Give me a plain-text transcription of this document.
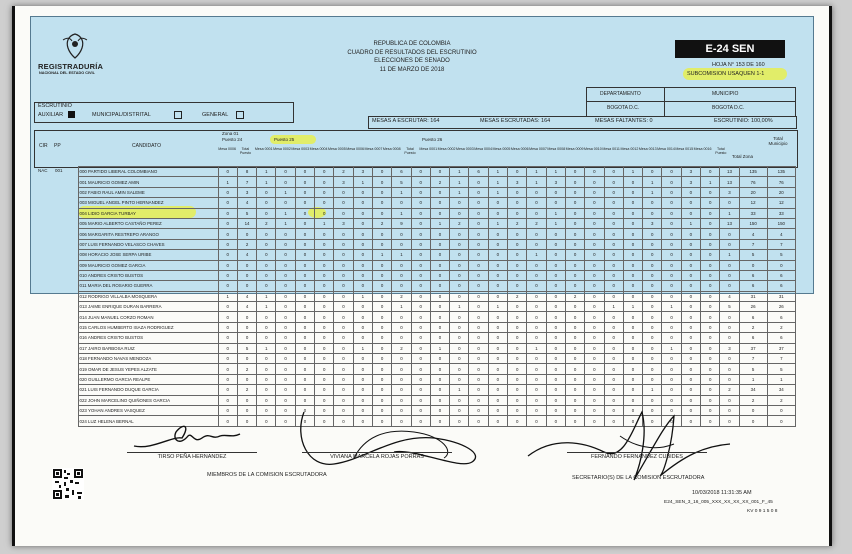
REGISTRADURÍA
NACIONAL DEL ESTADO CIVIL
REPUBLICA DE COLOMBIA
CUADRO DE RESULTADOS DEL ESCRUTINIO
ELECCIONES DE SENADO
11 DE MARZO DE 2018
E-24 SEN
HOJA N° 153 DE 160
SUBCOMISION USAQUEN 1-1
DEPARTAMENTO
BOGOTA D.C.
MUNICIPIO
BOGOTA D.C.
ESCRUTINIO
AUXILIAR	MUNICIPAL/DISTRITAL	GENERAL
MESAS A ESCRUTAR: 164	MESAS ESCRUTADAS: 164	MESAS FALTANTES: 0	ESCRUTINIO: 100,00%
CIR PP	CANDIDATO
Zona 01
Puesto 24	Puesto 25	Puesto 26
Total Zona
Total Municipio
Mesa 0006	Total Puesto
Mesa 0001 Mesa 0002 Mesa 0003 Mesa 0004 Mesa 0005 Mesa 0006 Mesa 0007 Mesa 0008	Total Puesto
Mesa 0001 Mesa 0002 Mesa 0003 Mesa 0004 Mesa 0005 Mesa 0006 Mesa 0007 Mesa 0008 Mesa 0009 Mesa 0010 Mesa 0011 Mesa 0012 Mesa 0013 Mesa 0014 Mesa 0015 Mesa 0016	Total Puesto
NAC 001
		000 PARTIDO LIBERAL COLOMBIANO	0	8	1	0	0	0	2	3	0	6	0	0	1	6	1	0	1	1	0	0	0	1	0	0	3	0	13	135	135
	001 MAURICIO GOMEZ AMIN	1	7	1	0	0	0	3	1	0	5	0	2	1	0	1	3	1	3	0	0	0	0	1	0	3	1	13	76	76
	002 FABIO RAUL AMIN SALEME	0	3	0	1	0	0	0	0	0	1	0	0	1	0	1	0	0	0	0	0	0	0	1	0	0	0	3	20	20
	003 MIGUEL ANGEL PINTO HERNANDEZ	0	4	0	0	0	0	0	0	0	0	0	0	0	0	0	0	0	0	0	0	0	0	0	0	0	0	0	12	12
	004 LIDIO GARCIA TURBAY	0	5	0	1	0	0	0	0	0	1	0	0	0	0	0	0	0	1	0	0	0	0	0	0	0	0	1	33	33
	005 MARIO ALBERTO CASTAÑO PEREZ	0	14	2	1	0	1	3	0	2	9	0	1	2	0	1	2	2	1	0	0	0	0	3	0	1	0	13	150	150
	006 MARGARITA RESTREPO ARANGO	0	0	0	0	0	0	0	0	0	0	0	0	0	0	0	0	0	0	0	0	0	0	0	0	0	0	0	4	4
	007 LUIS FERNANDO VELASCO CHAVES	0	2	0	0	0	0	0	0	0	0	0	0	0	0	0	0	0	0	0	0	0	0	0	0	0	0	0	7	7
	008 HORACIO JOSE SERPA URIBE	0	4	0	0	0	0	0	0	1	1	0	0	0	0	0	0	1	0	0	0	0	0	0	0	0	0	1	5	5
	009 MAURICIO GOMEZ GARCIA	0	0	0	0	0	0	0	0	0	0	0	0	0	0	0	0	0	0	0	0	0	0	0	0	0	0	0	0	0
	010 ANDRES CRISTO BUSTOS	0	0	0	0	0	0	0	0	0	0	0	0	0	0	0	0	0	0	0	0	0	0	0	0	0	0	0	6	6
	011 MARIA DEL ROSARIO GUERRA	0	0	0	0	0	0	0	0	0	0	0	0	0	0	0	0	0	0	0	0	0	0	0	0	0	0	0	6	6
	012 RODRIGO VILLALBA MOSQUERA	1	4	1	0	0	0	0	1	0	2	0	0	0	0	0	2	0	0	2	0	0	0	0	0	0	0	4	31	31
	013 JAIME ENRIQUE DURAN BARRERA	0	4	1	0	0	0	0	0	0	1	0	0	1	0	1	0	0	0	0	0	1	1	0	1	0	0	5	26	26
	014 JUAN MANUEL CORZO ROMAN	0	0	0	0	0	0	0	0	0	0	0	0	0	0	0	0	0	0	0	0	0	0	0	0	0	0	0	6	6
	015 CARLOS HUMBERTO ISAZA RODRIGUEZ	0	0	0	0	0	0	0	0	0	0	0	0	0	0	0	0	0	0	0	0	0	0	0	0	0	0	0	2	2
	016 ANDRES CRISTO BUSTOS	0	0	0	0	0	0	0	0	0	0	0	0	0	0	0	0	0	0	0	0	0	0	0	0	0	0	0	6	6
	017 JAIRO BARBOSA RUIZ	0	5	1	0	0	0	0	1	0	2	0	1	0	0	0	0	1	0	0	0	0	0	0	1	0	0	3	37	37
	018 FERNANDO NAVAS MENDOZA	0	0	0	0	0	0	0	0	0	0	0	0	0	0	0	0	0	0	0	0	0	0	0	0	0	0	0	7	7
	019 OMAR DE JESUS YEPES ALZATE	0	2	0	0	0	0	0	0	0	0	0	0	0	0	0	0	0	0	0	0	0	0	0	0	0	0	0	5	5
	020 GUILLERMO GARCIA REALPE	0	0	0	0	0	0	0	0	0	0	0	0	0	0	0	0	0	0	0	0	0	0	0	0	0	0	0	1	1
	021 LUIS FERNANDO DUQUE GARCIA	0	2	0	0	0	0	0	0	0	0	0	0	1	0	0	0	0	0	0	0	0	0	1	0	0	0	2	34	34
	022 JOHN MARCELINO QUIÑONES GARCIA	0	0	0	0	0	0	0	0	0	0	0	0	0	0	0	0	0	0	0	0	0	0	0	0	0	0	0	2	2
	023 YOHAN ANDRES VASQUEZ	0	0	0	0	0	0	0	0	0	0	0	0	0	0	0	0	0	0	0	0	0	0	0	0	0	0	0	0	0
	024 LUZ HELENA BERNAL	0	0	0	0	0	0	0	0	0	0	0	0	0	0	0	0	0	0	0	0	0	0	0	0	0	0	0	0	0
TIRSO PEÑA HERNANDEZ	VIVIANA MARCELA ROJAS PORRAS	FERNANDO FERNANDEZ CUBIDES
MIEMBROS DE LA COMISION ESCRUTADORA	SECRETARIO(S) DE LA COMISION ESCRUTADORA
10/03/2018 11:31:35 AM
E24_SEN_3_16_005_XXX_XX_XX_XX_001_F_45
KV 0 9 1 5 0 8
